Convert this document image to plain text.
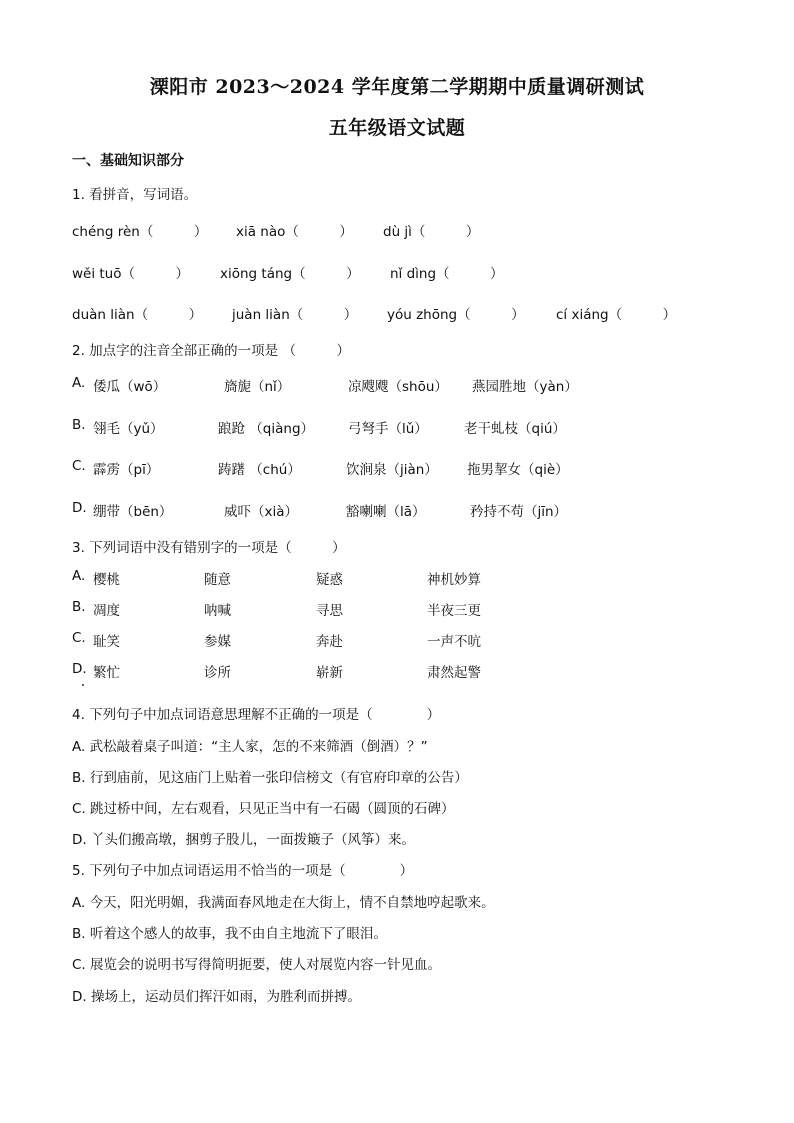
溧阳市 2023～2024 学年度第二学期期中质量调研测试
五年级语文试题
一、基础知识部分
1. 看拼音，写词语。
chéng rèn（　　　） xiā nào（　　　） dù jì（　　　）
wěi tuō（　　　） xiōng táng（　　　） nǐ dìng（　　　）
duàn liàn（　　　） juàn liàn（　　　） yóu zhōng（　　　） cí xiáng（　　　）
2. 加点字的注音全部正确的一项是 （　　　）
A. 倭瓜（wō）	旖旎（nǐ）	凉飕飕（shōu） 燕园胜地（yàn）
B. 翎毛（yǔ）	踉跄 （qiàng）	弓弩手（lǔ）	老干虬枝（qiú）
C. 霹雳（pī）	踌躇 （chú）	饮涧泉（jiàn） 拖男挈女（qiè）
D. 绷带（bēn）	威吓（xià）	豁喇喇（lā）	矜持不苟（jīn）
3. 下列词语中没有错别字的一项是（　　　）
A. 樱桃	随意	疑惑	神机妙算
B. 凋度	呐喊	寻思	半夜三更
C. 耻笑	参媒	奔赴	一声不吭
D. 繁忙	诊所	崭新	肃然起警
4. 下列句子中加点词语意思理解不正确的一项是（　　　　）
A. 武松敲着桌子叫道：“主人家，怎的不来筛酒（倒酒）？”
B. 行到庙前，见这庙门上贴着一张印信榜文（有官府印章的公告）
C. 跳过桥中间，左右观看，只见正当中有一石碣（圆顶的石碑）
D. 丫头们搬高墩，捆剪子股儿，一面拨簸子（风筝）来。
5. 下列句子中加点词语运用不恰当的一项是（　　　　）
A. 今天，阳光明媚，我满面春风地走在大街上，情不自禁地哼起歌来。
B. 听着这个感人的故事，我不由自主地流下了眼泪。
C. 展览会的说明书写得简明扼要，使人对展览内容一针见血。
D. 操场上，运动员们挥汗如雨，为胜利而拼搏。
